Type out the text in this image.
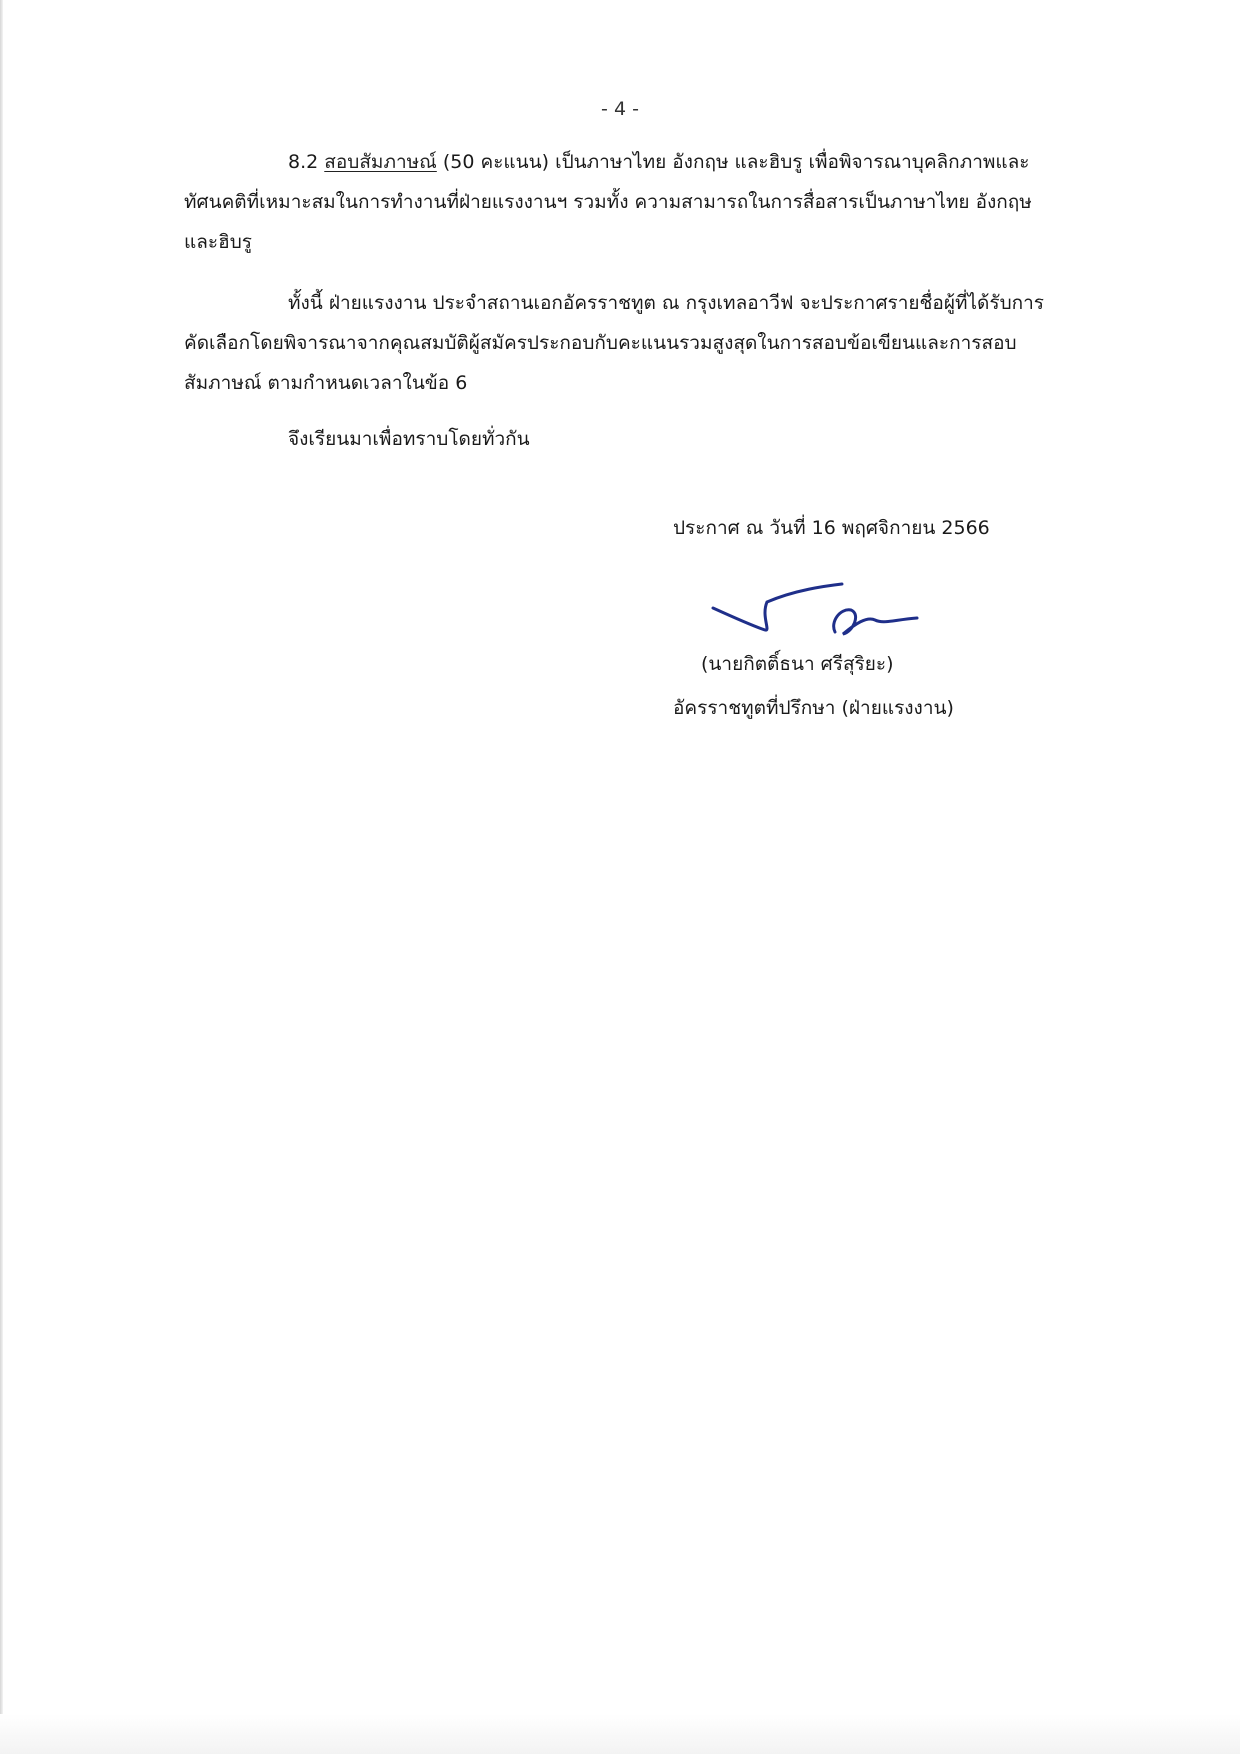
- 4 -
8.2 สอบสัมภาษณ์ (50 คะแนน) เป็นภาษาไทย อังกฤษ และฮิบรู เพื่อพิจารณาบุคลิกภาพและ
ทัศนคติที่เหมาะสมในการทำงานที่ฝ่ายแรงงานฯ รวมทั้ง ความสามารถในการสื่อสารเป็นภาษาไทย อังกฤษ
และฮิบรู
ทั้งนี้ ฝ่ายแรงงาน ประจำสถานเอกอัครราชทูต ณ กรุงเทลอาวีฟ จะประกาศรายชื่อผู้ที่ได้รับการ
คัดเลือกโดยพิจารณาจากคุณสมบัติผู้สมัครประกอบกับคะแนนรวมสูงสุดในการสอบข้อเขียนและการสอบ
สัมภาษณ์ ตามกำหนดเวลาในข้อ 6
จึงเรียนมาเพื่อทราบโดยทั่วกัน
ประกาศ ณ วันที่ 16 พฤศจิกายน 2566
(นายกิตติ์ธนา ศรีสุริยะ)
อัครราชทูตที่ปรึกษา (ฝ่ายแรงงาน)
